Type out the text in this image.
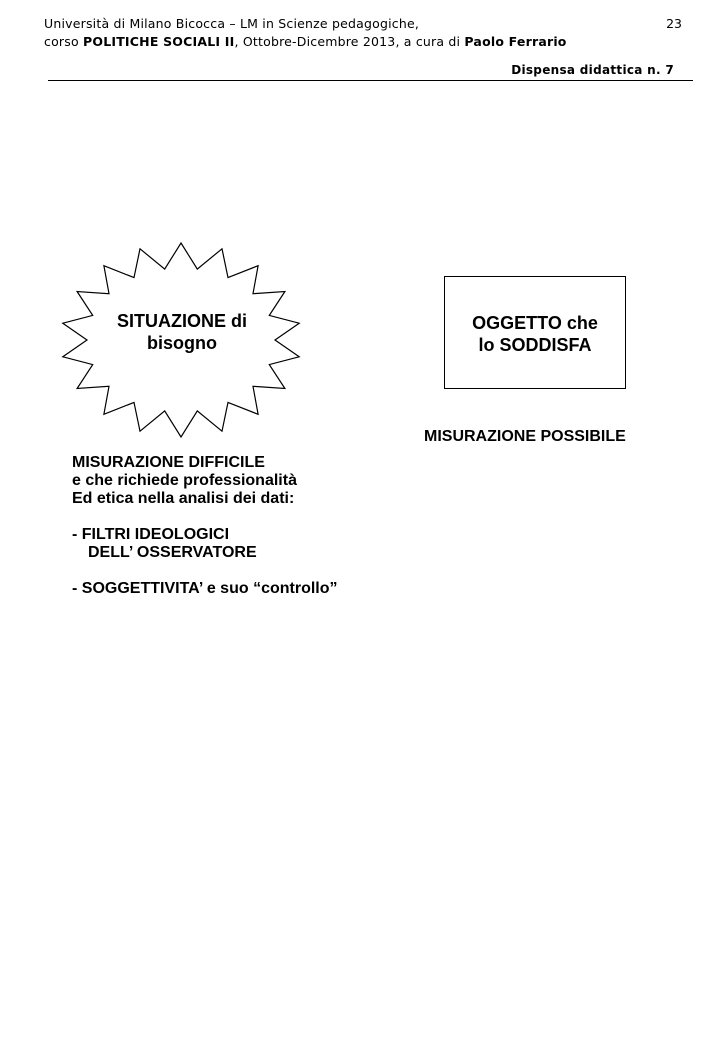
Università di Milano Bicocca – LM in Scienze pedagogiche,
corso POLITICHE SOCIALI II, Ottobre-Dicembre 2013, a cura di Paolo Ferrario
23
Dispensa didattica n. 7
SITUAZIONE di
bisogno
OGGETTO che
lo SODDISFA
MISURAZIONE POSSIBILE
MISURAZIONE DIFFICILE
e che richiede professionalità
Ed etica nella analisi dei dati:
- FILTRI IDEOLOGICI
DELL’ OSSERVATORE
- SOGGETTIVITA’ e suo “controllo”
